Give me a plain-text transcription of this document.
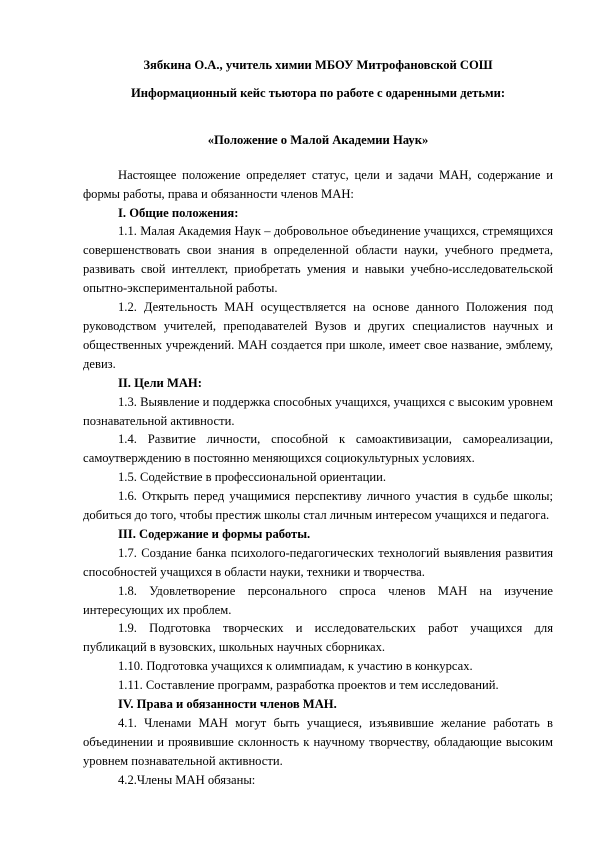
Зябкина О.А., учитель химии МБОУ Митрофановской СОШ

Информационный кейс тьютора по работе с одаренными детьми:

«Положение о Малой Академии Наук»

Настоящее положение определяет статус, цели и задачи МАН, содержание и формы работы, права и обязанности членов МАН:

I. Общие положения:

1.1. Малая Академия Наук – добровольное объединение учащихся, стремящихся совершенствовать свои знания в определенной области науки, учебного предмета, развивать свой интеллект, приобретать умения и навыки учебно-исследовательской опытно-экспериментальной работы.

1.2. Деятельность МАН осуществляется на основе данного Положения под руководством учителей, преподавателей Вузов и других специалистов научных и общественных учреждений. МАН создается при школе, имеет свое название, эмблему, девиз.

II. Цели МАН:

1.3. Выявление и поддержка способных учащихся, учащихся с высоким уровнем познавательной активности.

1.4. Развитие личности, способной к самоактивизации, самореализации, самоутверждению в постоянно меняющихся социокультурных условиях.

1.5. Содействие в профессиональной ориентации.

1.6. Открыть перед учащимися перспективу личного участия в судьбе школы; добиться до того, чтобы престиж школы стал личным интересом учащихся и педагога.

III. Содержание и формы работы.

1.7. Создание банка психолого-педагогических технологий выявления развития способностей учащихся в области науки, техники и творчества.

1.8. Удовлетворение персонального спроса членов МАН на изучение интересующих их проблем.

1.9. Подготовка творческих и исследовательских работ учащихся для публикаций в вузовских, школьных научных сборниках.

1.10. Подготовка учащихся к олимпиадам, к участию в конкурсах.

1.11. Составление программ, разработка проектов и тем исследований.

IV. Права и обязанности членов МАН.

4.1. Членами МАН могут быть учащиеся, изъявившие желание работать в объединении и проявившие склонность к научному творчеству, обладающие высоким уровнем познавательной активности.

4.2.Члены МАН обязаны:
